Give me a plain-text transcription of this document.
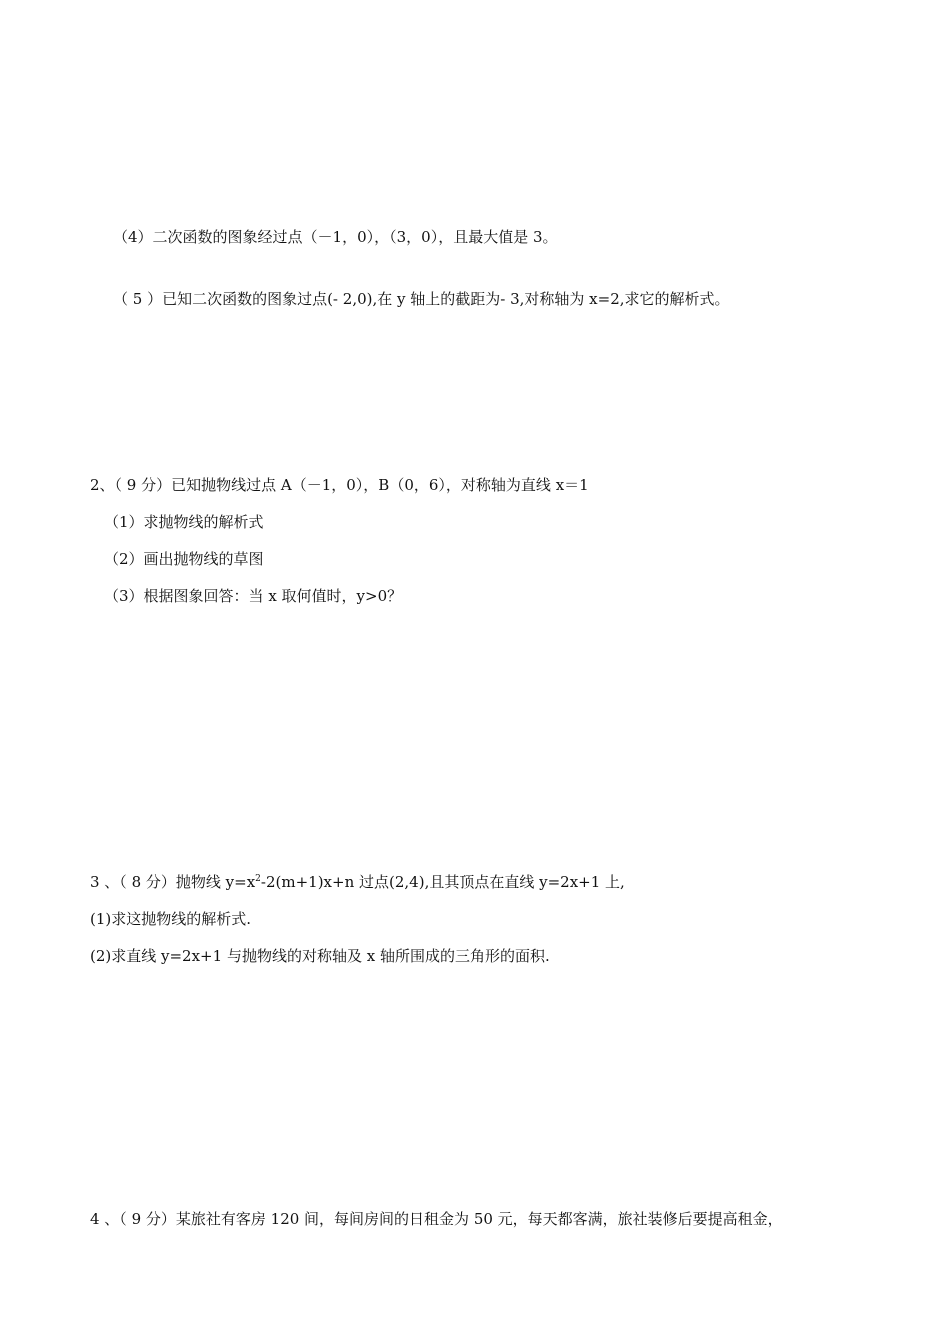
（4）二次函数的图象经过点（－1，0），（3，0），且最大值是 3。
（ 5 ）已知二次函数的图象过点(- 2,0),在 y 轴上的截距为- 3,对称轴为 x=2,求它的解析式。
2、（ 9 分）已知抛物线过点 A（－1，0），B（0，6），对称轴为直线 x＝1
（1）求抛物线的解析式
（2）画出抛物线的草图
（3）根据图象回答：当 x 取何值时，y>0？
3 、（ 8 分）抛物线 $y=x^2-2(m+1)x+n$ 过点(2,4),且其顶点在直线 y=2x+1 上,
(1)求这抛物线的解析式.
(2)求直线 y=2x+1 与抛物线的对称轴及 x 轴所围成的三角形的面积.
4 、（ 9 分）某旅社有客房 120 间，每间房间的日租金为 50 元，每天都客满，旅社装修后要提高租金，
